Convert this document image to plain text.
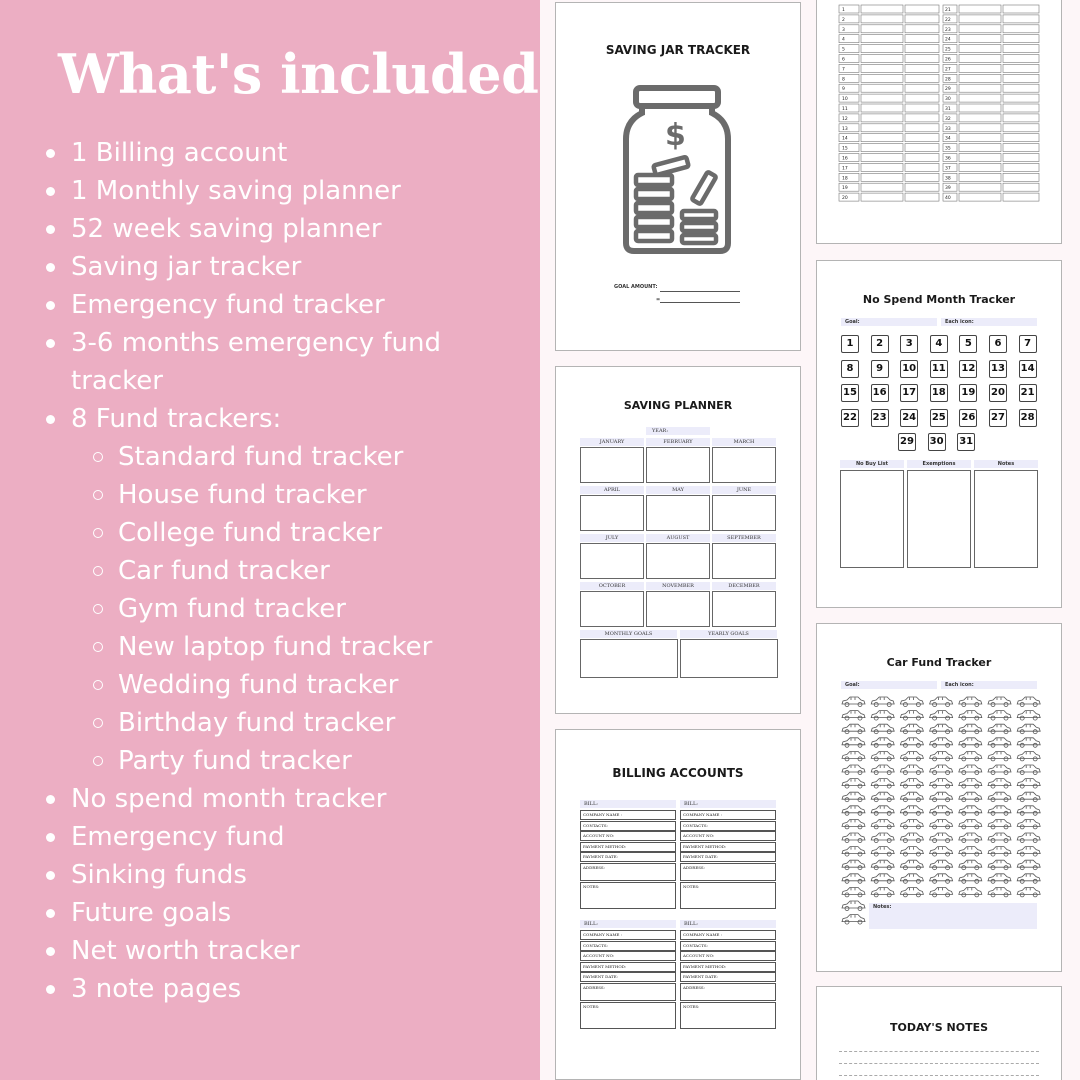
What's included
1 Billing account
1 Monthly saving planner
52 week saving planner
Saving jar tracker
Emergency fund tracker
3-6 months emergency fund
tracker
8 Fund trackers:
Standard fund tracker
House fund tracker
College fund tracker
Car fund tracker
Gym fund tracker
New laptop fund tracker
Wedding fund tracker
Birthday fund tracker
Party fund tracker
No spend month tracker
Emergency fund
Sinking funds
Future goals
Net worth tracker
3 note pages
SAVING JAR TRACKER
$
GOAL AMOUNT:
=
SAVING PLANNER
YEAR:
JANUARY	FEBRUARY	MARCH
APRIL	MAY	JUNE
JULY	AUGUST	SEPTEMBER
OCTOBER	NOVEMBER	DECEMBER
MONTHLY GOALS	YEARLY GOALS
BILLING ACCOUNTS
BILL:
COMPANY NAME :
CONTACTS:
ACCOUNT NO:
PAYMENT METHOD:
PAYMENT DATE:
ADDRESS:
NOTES:
BILL:
COMPANY NAME :
CONTACTS:
ACCOUNT NO:
PAYMENT METHOD:
PAYMENT DATE:
ADDRESS:
NOTES:
BILL:
COMPANY NAME :
CONTACTS:
ACCOUNT NO:
PAYMENT METHOD:
PAYMENT DATE:
ADDRESS:
NOTES:
BILL:
COMPANY NAME :
CONTACTS:
ACCOUNT NO:
PAYMENT METHOD:
PAYMENT DATE:
ADDRESS:
NOTES:
1
2
3
4
5
6
7
8
9
10
11
12
13
14
15
16
17
18
19
20
21
22
23
24
25
26
27
28
29
30
31
32
33
34
35
36
37
38
39
40
No Spend Month Tracker
Goal:	Each icon:
1	2	3	4	5	6	7
8	9	10 11 12 13 14
15 16 17 18 19 20 21
22 23 24 25 26 27 28
29 30 31
No Buy List	Exemptions	Notes
Car Fund Tracker
Goal:	Each icon:
Notes:
TODAY'S NOTES
